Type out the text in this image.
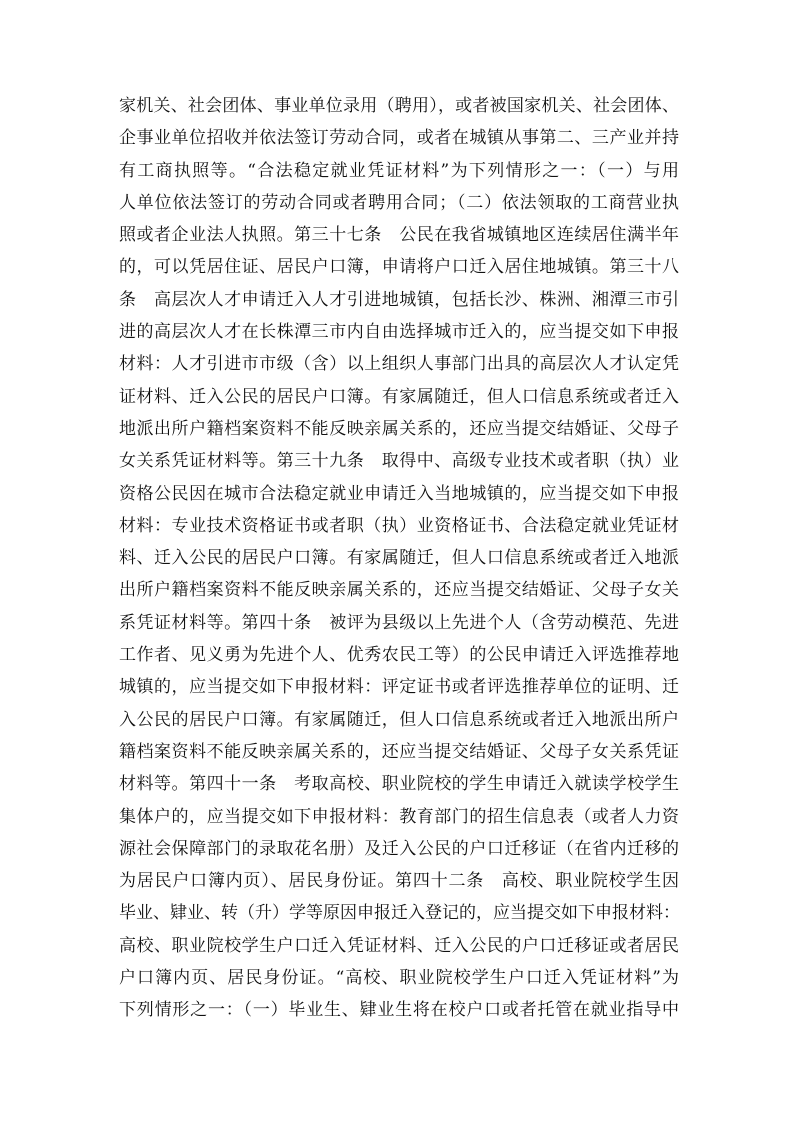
家机关、社会团体、事业单位录用（聘用），或者被国家机关、社会团体、
企事业单位招收并依法签订劳动合同，或者在城镇从事第二、三产业并持
有工商执照等。“合法稳定就业凭证材料”为下列情形之一：（一）与用
人单位依法签订的劳动合同或者聘用合同；（二）依法领取的工商营业执
照或者企业法人执照。第三十七条　公民在我省城镇地区连续居住满半年
的，可以凭居住证、居民户口簿，申请将户口迁入居住地城镇。第三十八
条　高层次人才申请迁入人才引进地城镇，包括长沙、株洲、湘潭三市引
进的高层次人才在长株潭三市内自由选择城市迁入的，应当提交如下申报
材料：人才引进市市级（含）以上组织人事部门出具的高层次人才认定凭
证材料、迁入公民的居民户口簿。有家属随迁，但人口信息系统或者迁入
地派出所户籍档案资料不能反映亲属关系的，还应当提交结婚证、父母子
女关系凭证材料等。第三十九条　取得中、高级专业技术或者职（执）业
资格公民因在城市合法稳定就业申请迁入当地城镇的，应当提交如下申报
材料：专业技术资格证书或者职（执）业资格证书、合法稳定就业凭证材
料、迁入公民的居民户口簿。有家属随迁，但人口信息系统或者迁入地派
出所户籍档案资料不能反映亲属关系的，还应当提交结婚证、父母子女关
系凭证材料等。第四十条　被评为县级以上先进个人（含劳动模范、先进
工作者、见义勇为先进个人、优秀农民工等）的公民申请迁入评选推荐地
城镇的，应当提交如下申报材料：评定证书或者评选推荐单位的证明、迁
入公民的居民户口簿。有家属随迁，但人口信息系统或者迁入地派出所户
籍档案资料不能反映亲属关系的，还应当提交结婚证、父母子女关系凭证
材料等。第四十一条　考取高校、职业院校的学生申请迁入就读学校学生
集体户的，应当提交如下申报材料：教育部门的招生信息表（或者人力资
源社会保障部门的录取花名册）及迁入公民的户口迁移证（在省内迁移的
为居民户口簿内页）、居民身份证。第四十二条　高校、职业院校学生因
毕业、肄业、转（升）学等原因申报迁入登记的，应当提交如下申报材料：
高校、职业院校学生户口迁入凭证材料、迁入公民的户口迁移证或者居民
户口簿内页、居民身份证。“高校、职业院校学生户口迁入凭证材料”为
下列情形之一：（一）毕业生、肄业生将在校户口或者托管在就业指导中
